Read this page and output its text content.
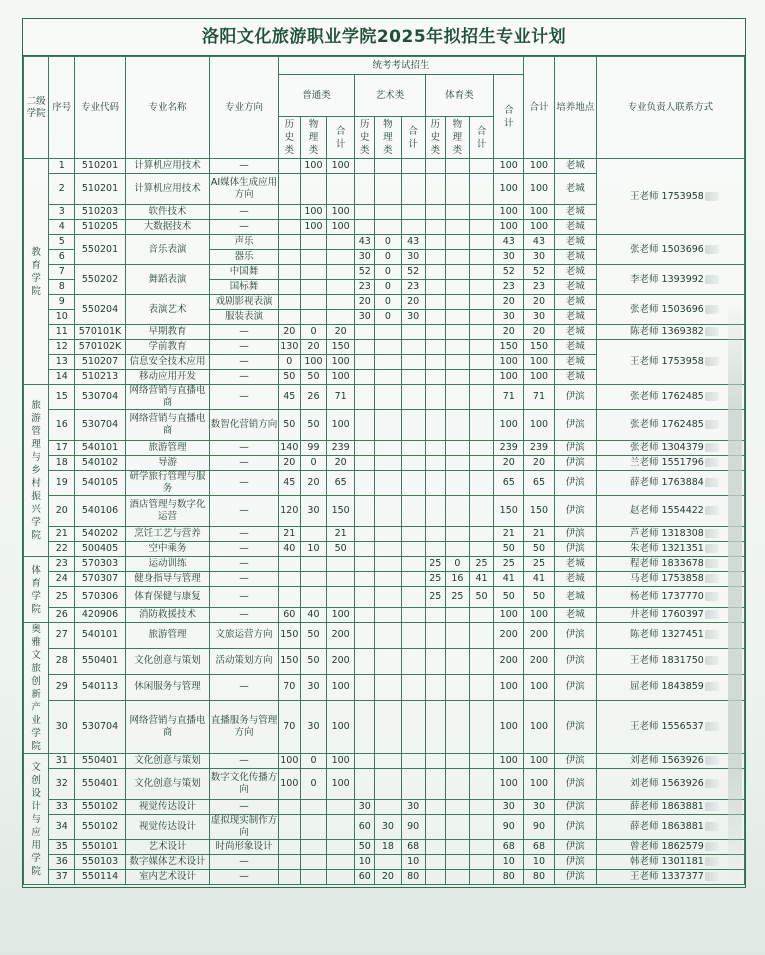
洛阳文化旅游职业学院2025年拟招生专业计划
二级学院	序号	专业代码	专业名称	专业方向	统考考试招生										合计	培养地点	专业负责人联系方式
					普通类			艺术类			体育类			合计			

					历史类	物理类	合计	历史类	物理类	合计	历史类	物理类	合计				

教育学院	1	510201	计算机应用技术	—		100	100							100	100	老城	王老师 1753958
	2	510201	计算机应用技术	AI媒体生成应用方向										100	100	老城	
	3	510203	软件技术	—		100	100							100	100	老城	
	4	510205	大数据技术	—		100	100							100	100	老城	
	5	550201	音乐表演	声乐				43	0	43				43	43	老城	张老师 1503696
	6			器乐				30	0	30				30	30	老城	
	7	550202	舞蹈表演	中国舞				52	0	52				52	52	老城	李老师 1393992
	8			国标舞				23	0	23				23	23	老城	
	9	550204	表演艺术	戏剧影视表演				20	0	20				20	20	老城	张老师 1503696
	10			服装表演				30	0	30				30	30	老城	
	11	570101K	早期教育	—	20	0	20							20	20	老城	陈老师 1369382
	12	570102K	学前教育	—	130	20	150							150	150	老城	王老师 1753958
	13	510207	信息安全技术应用	—	0	100	100							100	100	老城	
	14	510213	移动应用开发	—	50	50	100							100	100	老城	

旅游管理与乡村振兴学院	15	530704	网络营销与直播电商	—	45	26	71							71	71	伊滨	张老师 1762485
	16	530704	网络营销与直播电商	数智化营销方向	50	50	100							100	100	伊滨	张老师 1762485
	17	540101	旅游管理	—	140	99	239							239	239	伊滨	张老师 1304379
	18	540102	导游	—	20	0	20							20	20	伊滨	兰老师 1551796
	19	540105	研学旅行管理与服务	—	45	20	65							65	65	伊滨	薛老师 1763884
	20	540106	酒店管理与数字化运营	—	120	30	150							150	150	伊滨	赵老师 1554422
	21	540202	烹饪工艺与营养	—	21		21							21	21	伊滨	芦老师 1318308
	22	500405	空中乘务	—	40	10	50							50	50	伊滨	朱老师 1321351

体育学院	23	570303	运动训练	—							25	0	25	25	25	老城	程老师 1833678
	24	570307	健身指导与管理	—							25	16	41	41	41	老城	马老师 1753858
	25	570306	体育保健与康复	—							25	25	50	50	50	老城	杨老师 1737770
	26	420906	消防救援技术	—	60	40	100							100	100	老城	井老师 1760397

奥雅文旅创新产业学院	27	540101	旅游管理	文旅运营方向	150	50	200							200	200	伊滨	陈老师 1327451
	28	550401	文化创意与策划	活动策划方向	150	50	200							200	200	伊滨	王老师 1831750
	29	540113	休闲服务与管理	—	70	30	100							100	100	伊滨	屈老师 1843859
	30	530704	网络营销与直播电商	直播服务与管理方向	70	30	100							100	100	伊滨	王老师 1556537

文创设计与应用学院	31	550401	文化创意与策划	—	100	0	100							100	100	伊滨	刘老师 1563926
	32	550401	文化创意与策划	数字文化传播方向	100	0	100							100	100	伊滨	刘老师 1563926
	33	550102	视觉传达设计	—				30		30				30	30	伊滨	薛老师 1863881
	34	550102	视觉传达设计	虚拟现实制作方向				60	30	90				90	90	伊滨	薛老师 1863881
	35	550101	艺术设计	时尚形象设计				50	18	68				68	68	伊滨	曾老师 1862579
	36	550103	数字媒体艺术设计	—				10		10				10	10	伊滨	韩老师 1301181
	37	550114	室内艺术设计	—				60	20	80				80	80	伊滨	王老师 1337377
